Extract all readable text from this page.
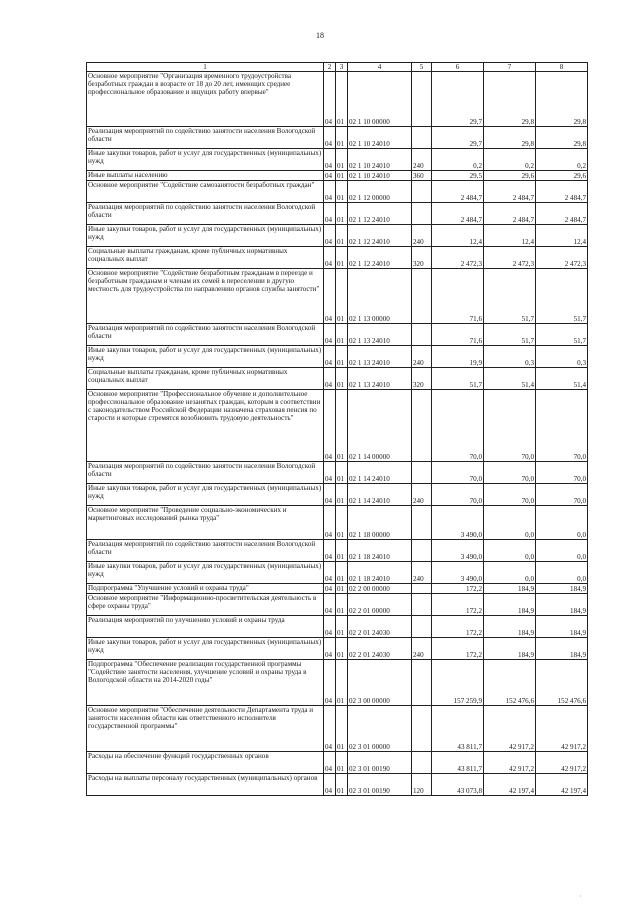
18
1	2	3	4	5	6	7	8
Основное мероприятие "Организация временного трудоустройства безработных граждан в возрасте от 18 до 20 лет, имеющих среднее профессиональное образование и ищущих работу впервые"	04	01	02 1 10 00000		29,7	29,8	29,8
Реализация мероприятий по содействию занятости населения Вологодской области	04	01	02 1 10 24010		29,7	29,8	29,8
Иные закупки товаров, работ и услуг для государственных (муниципальных) нужд	04	01	02 1 10 24010	240	0,2	0,2	0,2
Иные выплаты населению	04	01	02 1 10 24010	360	29,5	29,6	29,6
Основное мероприятие "Содействие самозанятости безработных граждан"	04	01	02 1 12 00000		2 484,7	2 484,7	2 484,7
Реализация мероприятий по содействию занятости населения Вологодской области	04	01	02 1 12 24010		2 484,7	2 484,7	2 484,7
Иные закупки товаров, работ и услуг для государственных (муниципальных) нужд	04	01	02 1 12 24010	240	12,4	12,4	12,4
Социальные выплаты гражданам, кроме публичных нормативных социальных выплат	04	01	02 1 12 24010	320	2 472,3	2 472,3	2 472,3
Основное мероприятие "Содействие безработным гражданам в переезде и безработным гражданам и членам их семей в переселении в другую местность для трудоустройства по направлению органов службы занятости"	04	01	02 1 13 00000		71,6	51,7	51,7
Реализация мероприятий по содействию занятости населения Вологодской области	04	01	02 1 13 24010		71,6	51,7	51,7
Иные закупки товаров, работ и услуг для государственных (муниципальных) нужд	04	01	02 1 13 24010	240	19,9	0,3	0,3
Социальные выплаты гражданам, кроме публичных нормативных социальных выплат	04	01	02 1 13 24010	320	51,7	51,4	51,4
Основное мероприятие "Профессиональное обучение и дополнительное профессиональное образование незанятых граждан, которым в соответствии с законодательством Российской Федерации назначена страховая пенсия по старости и которые стремятся возобновить трудовую деятельность"	04	01	02 1 14 00000		70,0	70,0	70,0
Реализация мероприятий по содействию занятости населения Вологодской области	04	01	02 1 14 24010		70,0	70,0	70,0
Иные закупки товаров, работ и услуг для государственных (муниципальных) нужд	04	01	02 1 14 24010	240	70,0	70,0	70,0
Основное мероприятие "Проведение социально-экономических и маркетинговых исследований рынка труда"	04	01	02 1 18 00000		3 490,0	0,0	0,0
Реализация мероприятий по содействию занятости населения Вологодской области	04	01	02 1 18 24010		3 490,0	0,0	0,0
Иные закупки товаров, работ и услуг для государственных (муниципальных) нужд	04	01	02 1 18 24010	240	3 490,0	0,0	0,0
Подпрограмма "Улучшение условий и охраны труда"	04	01	02 2 00 00000		172,2	184,9	184,9
Основное мероприятие "Информационно-просветительская деятельность в сфере охраны труда"	04	01	02 2 01 00000		172,2	184,9	184,9
Реализация мероприятий по улучшению условий и охраны труда	04	01	02 2 01 24030		172,2	184,9	184,9
Иные закупки товаров, работ и услуг для государственных (муниципальных) нужд	04	01	02 2 01 24030	240	172,2	184,9	184,9
Подпрограмма "Обеспечение реализации государственной программы "Содействие занятости населения, улучшение условий и охраны труда в Вологодской области на 2014-2020 годы"	04	01	02 3 00 00000		157 259,9	152 476,6	152 476,6
Основное мероприятие "Обеспечение деятельности Департамента труда и занятости населения области как ответственного исполнителя государственной программы"	04	01	02 3 01 00000		43 811,7	42 917,2	42 917,2
Расходы на обеспечение функций государственных органов	04	01	02 3 01 00190		43 811,7	42 917,2	42 917,2
Расходы на выплаты персоналу государственных (муниципальных) органов	04	01	02 3 01 00190	120	43 073,8	42 197,4	42 197,4
'
